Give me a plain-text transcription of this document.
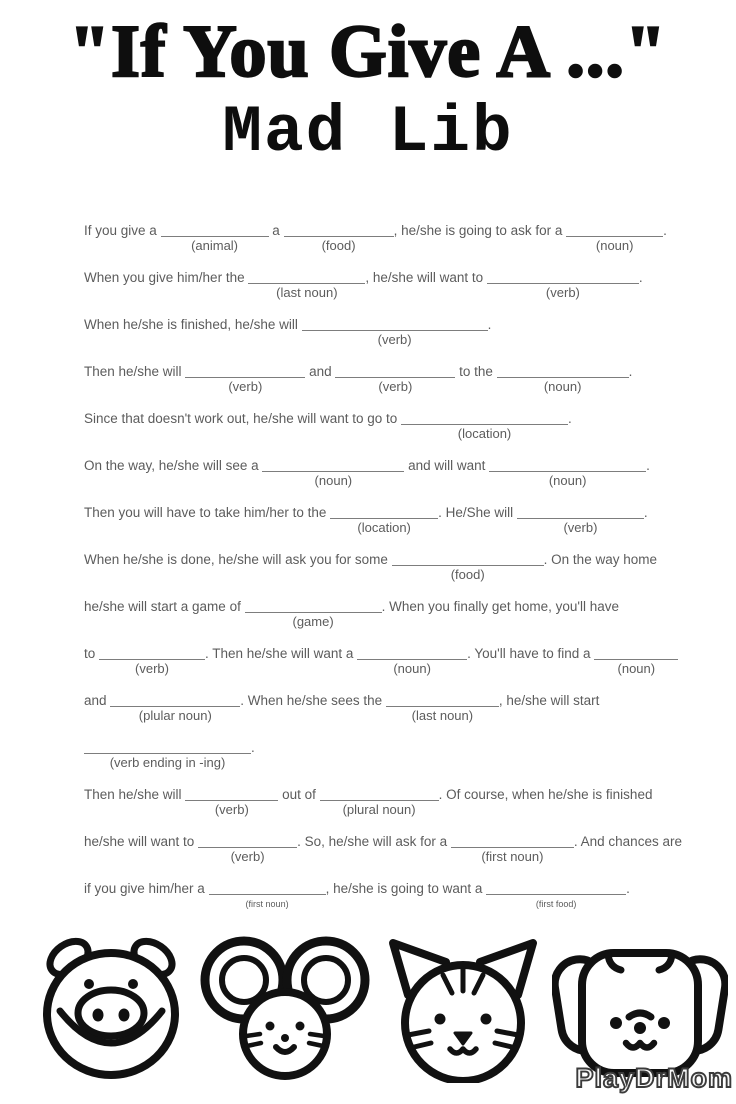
"If You Give A ..."
Mad Lib
If you give a
(animal)
a
(food)
, he/she is going to ask for a
(noun)
.
When you give him/her the
(last noun)
, he/she will want to
(verb)
.
When he/she is finished, he/she will
(verb)
.
Then he/she will
(verb)
and
(verb)
to the
(noun)
.
Since that doesn't work out, he/she will want to go to
(location)
.
On the way, he/she will see a
(noun)
and will want
(noun)
.
Then you will have to take him/her to the
(location)
. He/She will
(verb)
.
When he/she is done, he/she will ask you for some
(food)
. On the way home
he/she will start a game of
(game)
. When you finally get home, you'll have
to
(verb)
. Then he/she will want a
(noun)
. You'll have to find a
(noun)
and
(plular noun)
. When he/she sees the
(last noun)
, he/she will start
(verb ending in -ing)
.
Then he/she will
(verb)
out of
(plural noun)
. Of course, when he/she is finished
he/she will want to
(verb)
. So, he/she will ask for a
(first noun)
. And chances are
if you give him/her a
(first noun)
, he/she is going to want a
(first food)
.
PlayDrMom
